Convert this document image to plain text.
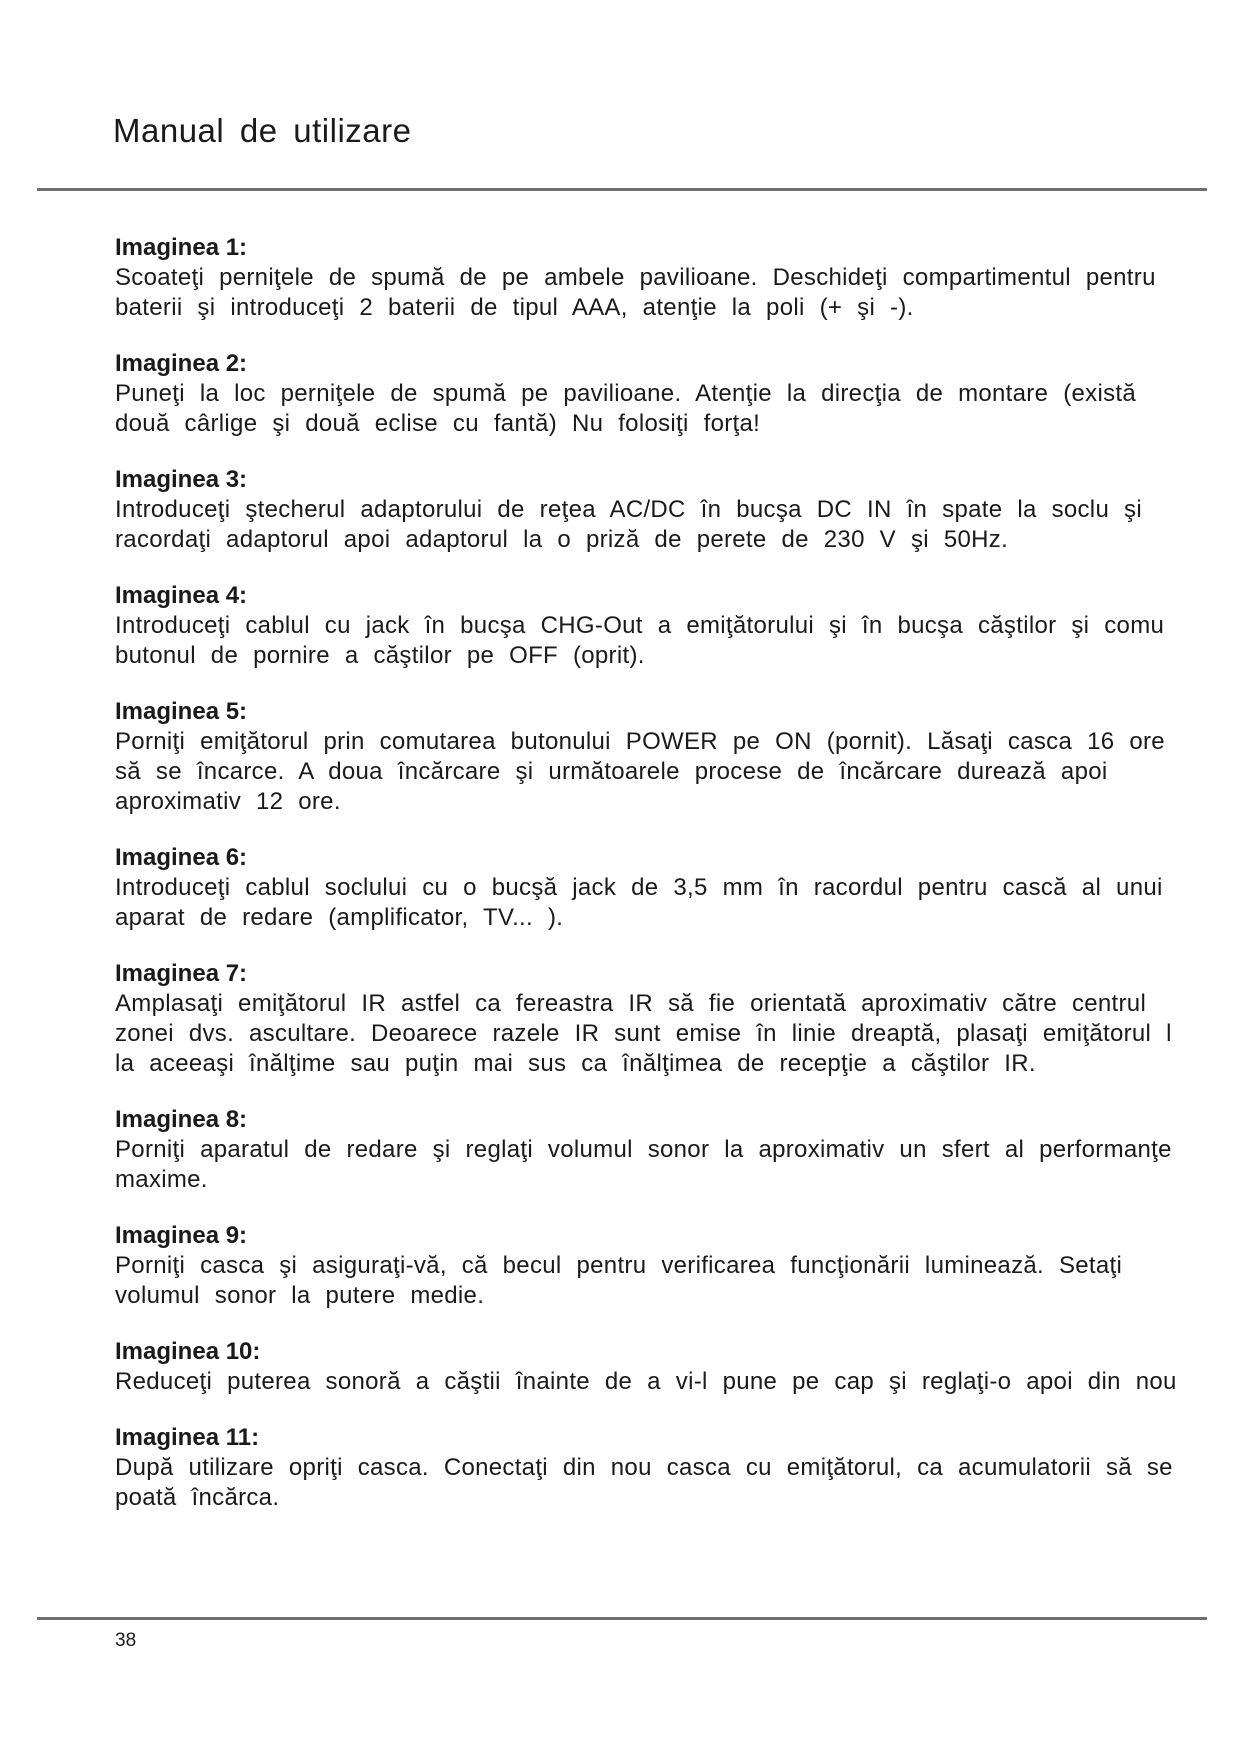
Manual de utilizare
Imaginea 1:
Scoateţi perniţele de spumă de pe ambele pavilioane. Deschideţi compartimentul pentru
baterii şi introduceţi 2 baterii de tipul AAA, atenţie la poli (+ şi -).
Imaginea 2:
Puneţi la loc perniţele de spumă pe pavilioane. Atenţie la direcţia de montare (există
două cârlige şi două eclise cu fantă) Nu folosiţi forţa!
Imaginea 3:
Introduceţi ştecherul adaptorului de reţea AC/DC în bucşa DC IN în spate la soclu şi
racordaţi adaptorul apoi adaptorul la o priză de perete de 230 V şi 50Hz.
Imaginea 4:
Introduceţi cablul cu jack în bucşa CHG-Out a emiţătorului şi în bucşa căştilor şi comu
butonul de pornire a căştilor pe OFF (oprit).
Imaginea 5:
Porniţi emiţătorul prin comutarea butonului POWER pe ON (pornit). Lăsaţi casca 16 ore
să se încarce. A doua încărcare şi următoarele procese de încărcare durează apoi
aproximativ 12 ore.
Imaginea 6:
Introduceţi cablul soclului cu o bucşă jack de 3,5 mm în racordul pentru cască al unui
aparat de redare (amplificator, TV... ).
Imaginea 7:
Amplasaţi emiţătorul IR astfel ca fereastra IR să fie orientată aproximativ către centrul
zonei dvs. ascultare. Deoarece razele IR sunt emise în linie dreaptă, plasaţi emiţătorul l
la aceeaşi înălţime sau puţin mai sus ca înălţimea de recepţie a căştilor IR.
Imaginea 8:
Porniţi aparatul de redare şi reglaţi volumul sonor la aproximativ un sfert al performanţe
maxime.
Imaginea 9:
Porniţi casca şi asiguraţi-vă, că becul pentru verificarea funcţionării luminează. Setaţi
volumul sonor la putere medie.
Imaginea 10:
Reduceţi puterea sonoră a căştii înainte de a vi-l pune pe cap şi reglaţi-o apoi din nou
Imaginea 11:
După utilizare opriţi casca. Conectaţi din nou casca cu emiţătorul, ca acumulatorii să se
poată încărca.
38
